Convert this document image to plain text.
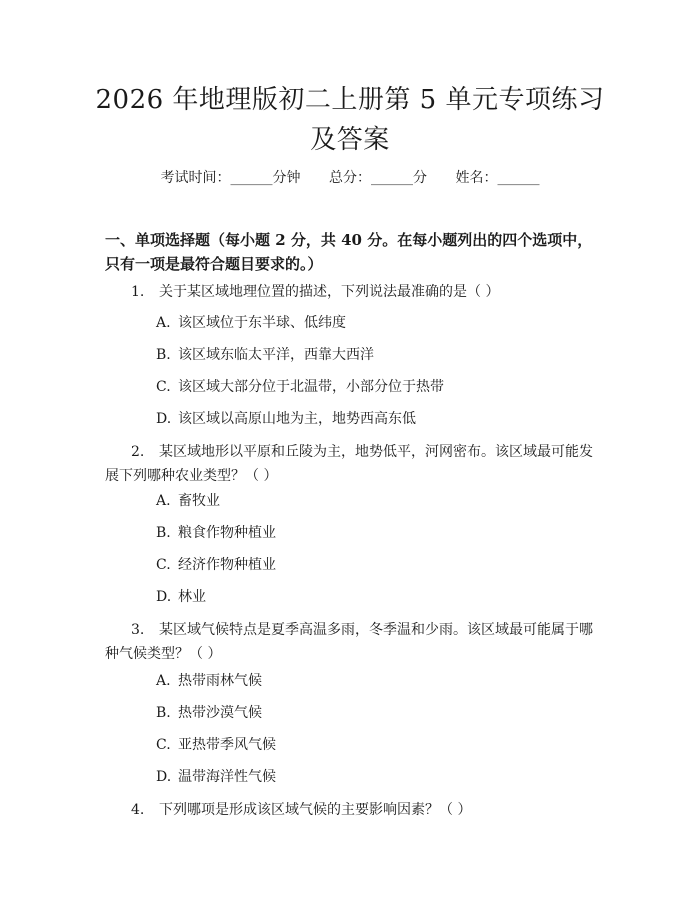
2026 年地理版初二上册第 5 单元专项练习及答案
考试时间：______分钟 总分：______分 姓名：______
一、单项选择题（每小题 2 分，共 40 分。在每小题列出的四个选项中，只有一项是最符合题目要求的。）
1. 关于某区域地理位置的描述，下列说法最准确的是（ ）
A. 该区域位于东半球、低纬度
B. 该区域东临太平洋，西靠大西洋
C. 该区域大部分位于北温带，小部分位于热带
D. 该区域以高原山地为主，地势西高东低
2. 某区域地形以平原和丘陵为主，地势低平，河网密布。该区域最可能发展下列哪种农业类型？（ ）
A. 畜牧业
B. 粮食作物种植业
C. 经济作物种植业
D. 林业
3. 某区域气候特点是夏季高温多雨，冬季温和少雨。该区域最可能属于哪种气候类型？（ ）
A. 热带雨林气候
B. 热带沙漠气候
C. 亚热带季风气候
D. 温带海洋性气候
4. 下列哪项是形成该区域气候的主要影响因素？（ ）
